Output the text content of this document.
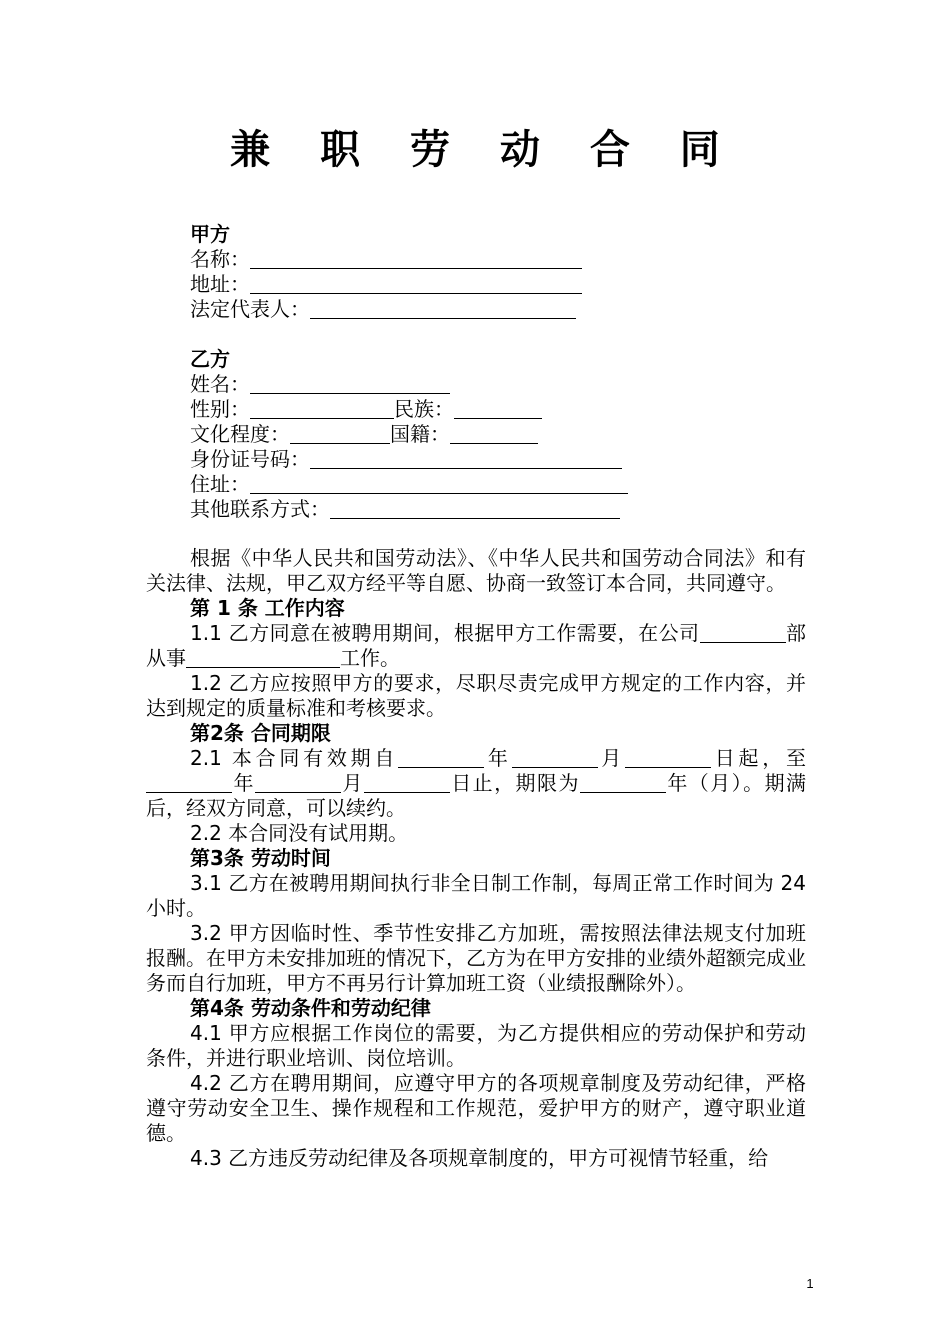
兼 职 劳 动 合 同
甲方
名称：
地址：
法定代表人：
乙方
姓名：
性别：	民族：
文化程度：	国籍：
身份证号码：
住址：
其他联系方式：

根据《中华人民共和国劳动法》、《中华人民共和国劳动合同法》和有关法律、法规，甲乙双方经平等自愿、协商一致签订本合同，共同遵守。

第 1 条 工作内容

1.1 乙方同意在被聘用期间，根据甲方工作需要，在公司	部从事	工作。

1.2 乙方应按照甲方的要求，尽职尽责完成甲方规定的工作内容，并达到规定的质量标准和考核要求。

第2条 合同期限

2.1 本合同有效期自	年	月	日起，至年	月	日止，期限为	年（月）。期满后，经双方同意，可以续约。

2.2 本合同没有试用期。

第3条 劳动时间

3.1 乙方在被聘用期间执行非全日制工作制，每周正常工作时间为 24 小时。

3.2 甲方因临时性、季节性安排乙方加班，需按照法律法规支付加班报酬。在甲方未安排加班的情况下，乙方为在甲方安排的业绩外超额完成业务而自行加班，甲方不再另行计算加班工资（业绩报酬除外）。

第4条 劳动条件和劳动纪律

4.1 甲方应根据工作岗位的需要，为乙方提供相应的劳动保护和劳动条件，并进行职业培训、岗位培训。

4.2 乙方在聘用期间，应遵守甲方的各项规章制度及劳动纪律，严格遵守劳动安全卫生、操作规程和工作规范，爱护甲方的财产，遵守职业道德。

4.3 乙方违反劳动纪律及各项规章制度的，甲方可视情节轻重，给

1
